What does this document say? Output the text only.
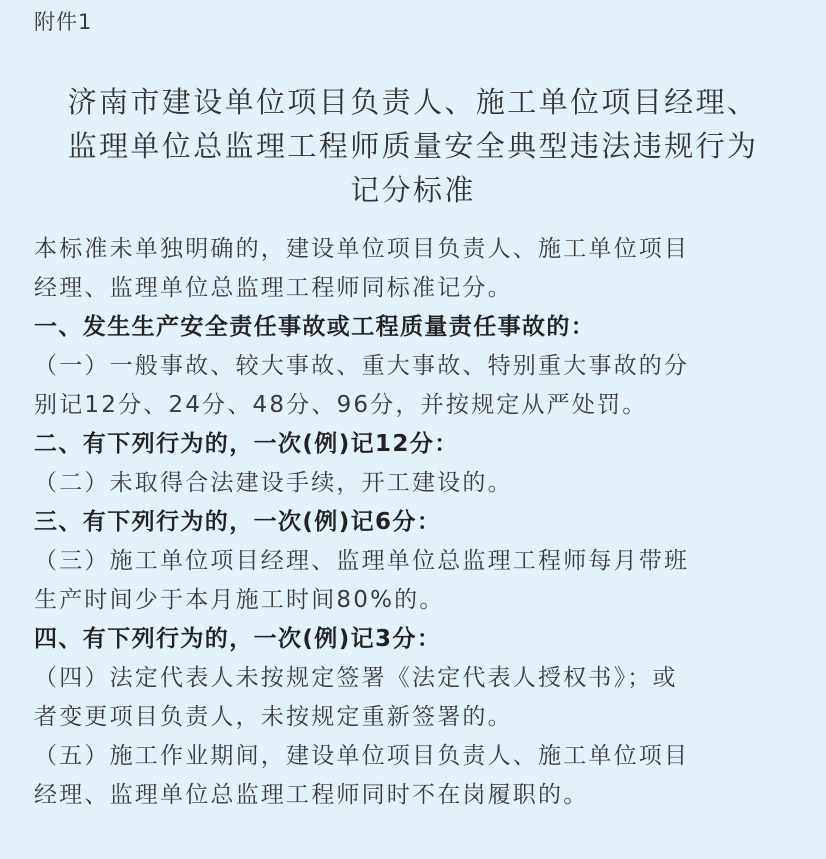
附件1
济南市建设单位项目负责人、施工单位项目经理、
监理单位总监理工程师质量安全典型违法违规行为
记分标准
本标准未单独明确的，建设单位项目负责人、施工单位项目
经理、监理单位总监理工程师同标准记分。
一、发生生产安全责任事故或工程质量责任事故的：
（一）一般事故、较大事故、重大事故、特别重大事故的分
别记12分、24分、48分、96分，并按规定从严处罚。
二、有下列行为的，一次(例)记12分：
（二）未取得合法建设手续，开工建设的。
三、有下列行为的，一次(例)记6分：
（三）施工单位项目经理、监理单位总监理工程师每月带班
生产时间少于本月施工时间80%的。
四、有下列行为的，一次(例)记3分：
（四）法定代表人未按规定签署《法定代表人授权书》；或
者变更项目负责人，未按规定重新签署的。
（五）施工作业期间，建设单位项目负责人、施工单位项目
经理、监理单位总监理工程师同时不在岗履职的。
